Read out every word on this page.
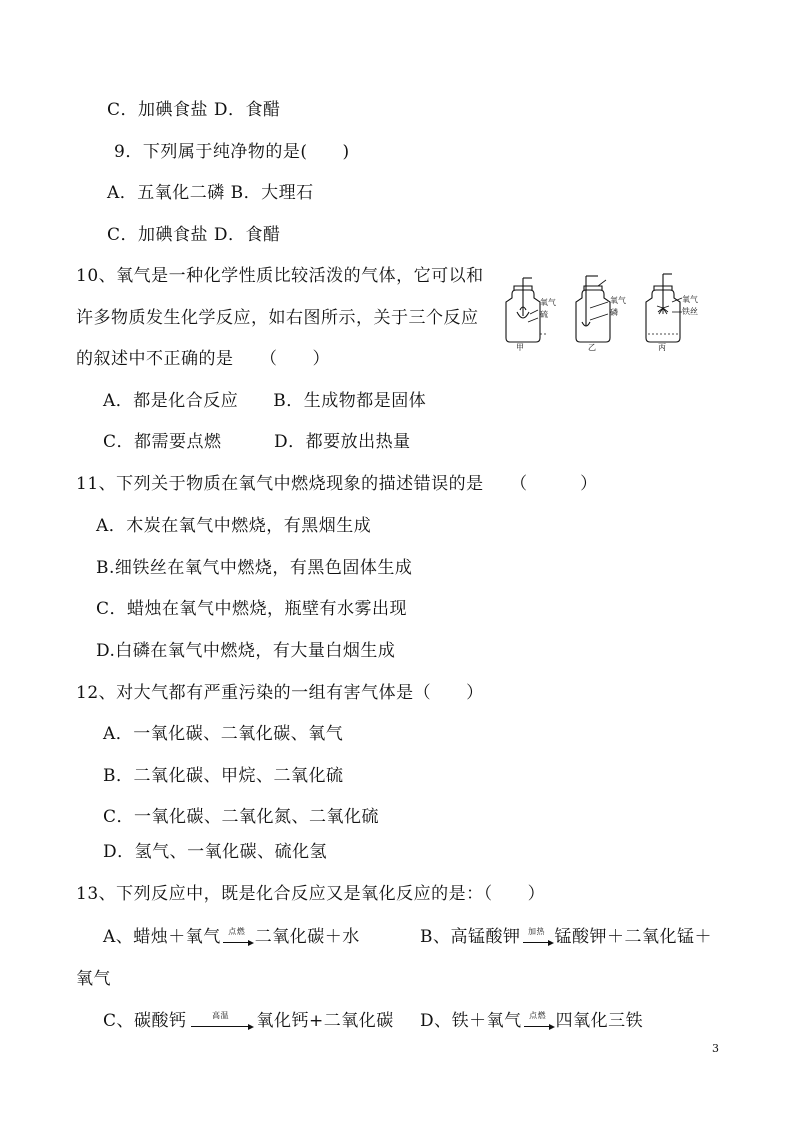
C．加碘食盐 D．食醋
9．下列属于纯净物的是(　　)
A．五氧化二磷 B．大理石
C．加碘食盐 D．食醋
10、氧气是一种化学性质比较活泼的气体，它可以和
许多物质发生化学反应，如右图所示，关于三个反应
的叙述中不正确的是　　（　　）
A．都是化合反应　　B．生成物都是固体
C．都需要点燃　　　D．都要放出热量
11、下列关于物质在氧气中燃烧现象的描述错误的是　　（　　　）
A．木炭在氧气中燃烧，有黑烟生成
B.细铁丝在氧气中燃烧，有黑色固体生成
C．蜡烛在氧气中燃烧，瓶壁有水雾出现
D.白磷在氧气中燃烧，有大量白烟生成
12、对大气都有严重污染的一组有害气体是（　　）
A．一氧化碳、二氧化碳、氧气
B．二氧化碳、甲烷、二氧化硫
C．一氧化碳、二氧化氮、二氧化硫
D．氢气、一氧化碳、硫化氢
13、下列反应中，既是化合反应又是氧化反应的是：（　　）
A、蜡烛＋氧气 点燃 二氧化碳＋水	B、高锰酸钾 加热 锰酸钾＋二氧化锰＋
氧气
C、碳酸钙	高温	氧化钙+二氧化碳 D、铁＋氧气 点燃 四氧化三铁
氧气
硫
甲
氧气
磷
乙
氧气
铁丝
丙
3
